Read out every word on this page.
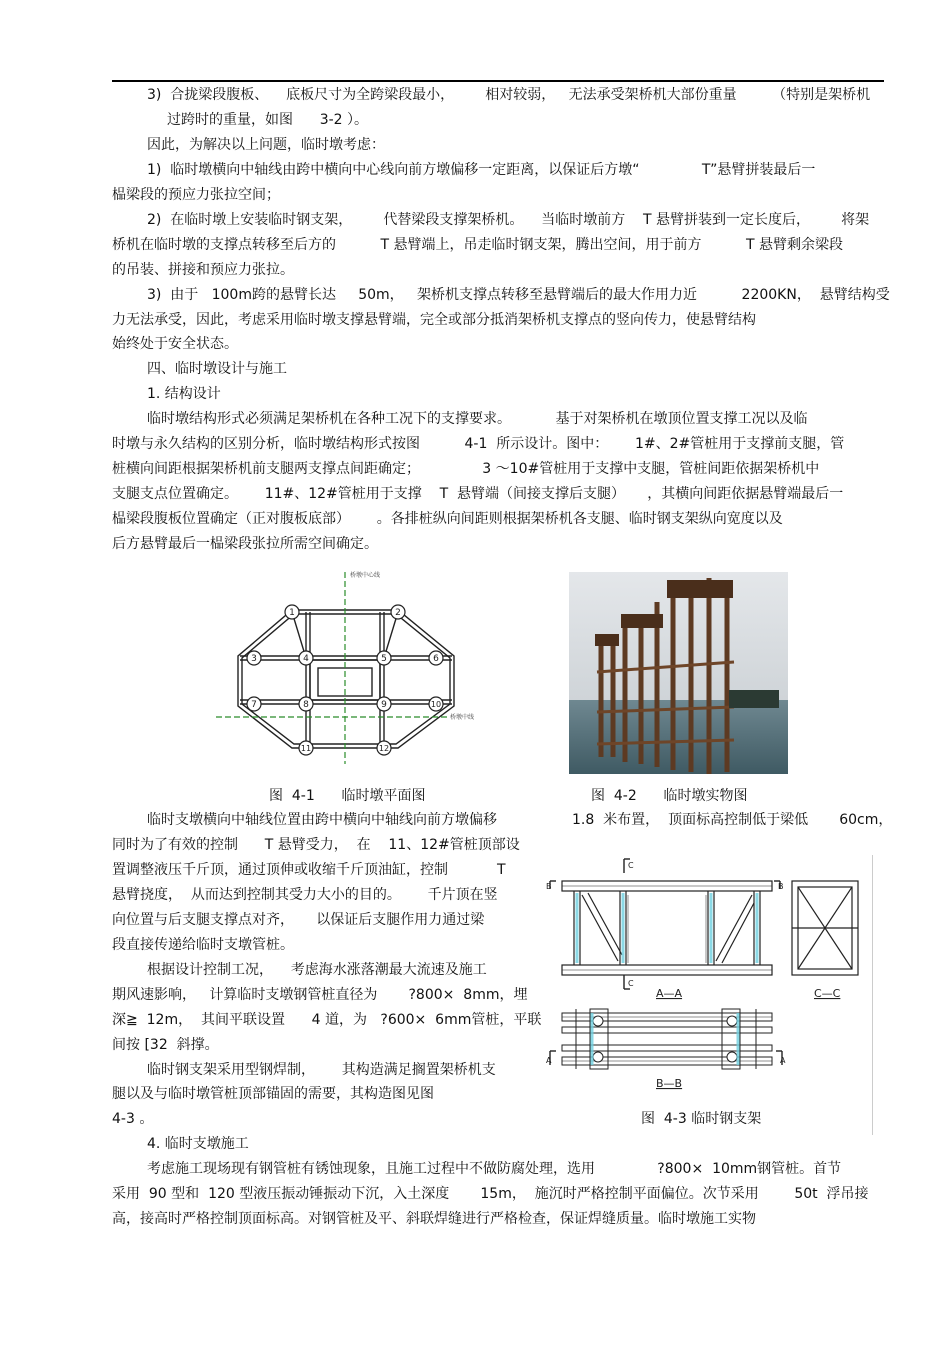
3)  合拢梁段腹板、    底板尺寸为全跨梁段最小，       相对较弱，   无法承受架桥机大部份重量        （特别是架桥机

过跨时的重量，如图      3-2 ）。

因此，为解决以上问题，临时墩考虑：

1)  临时墩横向中轴线由跨中横向中心线向前方墩偏移一定距离，以保证后方墩“              T”悬臂拼装最后一

榀梁段的预应力张拉空间；

2)  在临时墩上安装临时钢支架，       代替梁段支撑架桥机。    当临时墩前方    T 悬臂拼装到一定长度后，       将架

桥机在临时墩的支撑点转移至后方的          T 悬臂端上，吊走临时钢支架，腾出空间，用于前方          T 悬臂剩余梁段

的吊装、拼接和预应力张拉。

3)  由于   100m跨的悬臂长达     50m，   架桥机支撑点转移至悬臂端后的最大作用力近          2200KN，  悬臂结构受

力无法承受，因此，考虑采用临时墩支撑悬臂端，完全或部分抵消架桥机支撑点的竖向传力，使悬臂结构

始终处于安全状态。

四、临时墩设计与施工

1. 结构设计

临时墩结构形式必须满足架桥机在各种工况下的支撑要求。          基于对架桥机在墩顶位置支撑工况以及临

时墩与永久结构的区别分析，临时墩结构形式按图          4-1  所示设计。图中：      1#、2#管桩用于支撑前支腿，管

桩横向间距根据架桥机前支腿两支撑点间距确定；              3 ～10#管桩用于支撑中支腿，管桩间距依据架桥机中

支腿支点位置确定。      11#、12#管桩用于支撑    T  悬臂端（间接支撑后支腿）     ，其横向间距依据悬臂端最后一

榀梁段腹板位置确定（正对腹板底部）      。各排桩纵向间距则根据架桥机各支腿、临时钢支架纵向宽度以及

后方悬臂最后一榀梁段张拉所需空间确定。

1	2
3	4	5	6
7	8	9	10
11	12
桥墩中心线
桥墩中线
图  4-1      临时墩平面图	图  4-2      临时墩实物图

临时支墩横向中轴线位置由跨中横向中轴线向前方墩偏移	1.8  米布置，  顶面标高控制低于梁低       60cm，

同时为了有效的控制      T 悬臂受力，  在    11、12#管桩顶部设

置调整液压千斤顶，通过顶伸或收缩千斤顶油缸，控制           T

悬臂挠度，  从而达到控制其受力大小的目的。      千片顶在竖

向位置与后支腿支撑点对齐，     以保证后支腿作用力通过梁

段直接传递给临时支墩管桩。

根据设计控制工况，    考虑海水涨落潮最大流速及施工

期风速影响，   计算临时支墩钢管桩直径为       ?800×  8mm，埋

深≧  12m，  其间平联设置      4 道，为   ?600×  6mm管桩，平联

间按 [32  斜撑。

临时钢支架采用型钢焊制，      其构造满足搁置架桥机支

腿以及与临时墩管桩顶部锚固的需要，其构造图见图

4-3 。

C
C
B	B
A	A
A—A	C—C
B—B
图  4-3 临时钢支架

4. 临时支墩施工

考虑施工现场现有钢管桩有锈蚀现象，且施工过程中不做防腐处理，选用              ?800×  10mm钢管桩。首节

采用  90 型和  120 型液压振动锤振动下沉，入土深度       15m，  施沉时严格控制平面偏位。次节采用        50t  浮吊接

高，接高时严格控制顶面标高。对钢管桩及平、斜联焊缝进行严格检查，保证焊缝质量。临时墩施工实物
